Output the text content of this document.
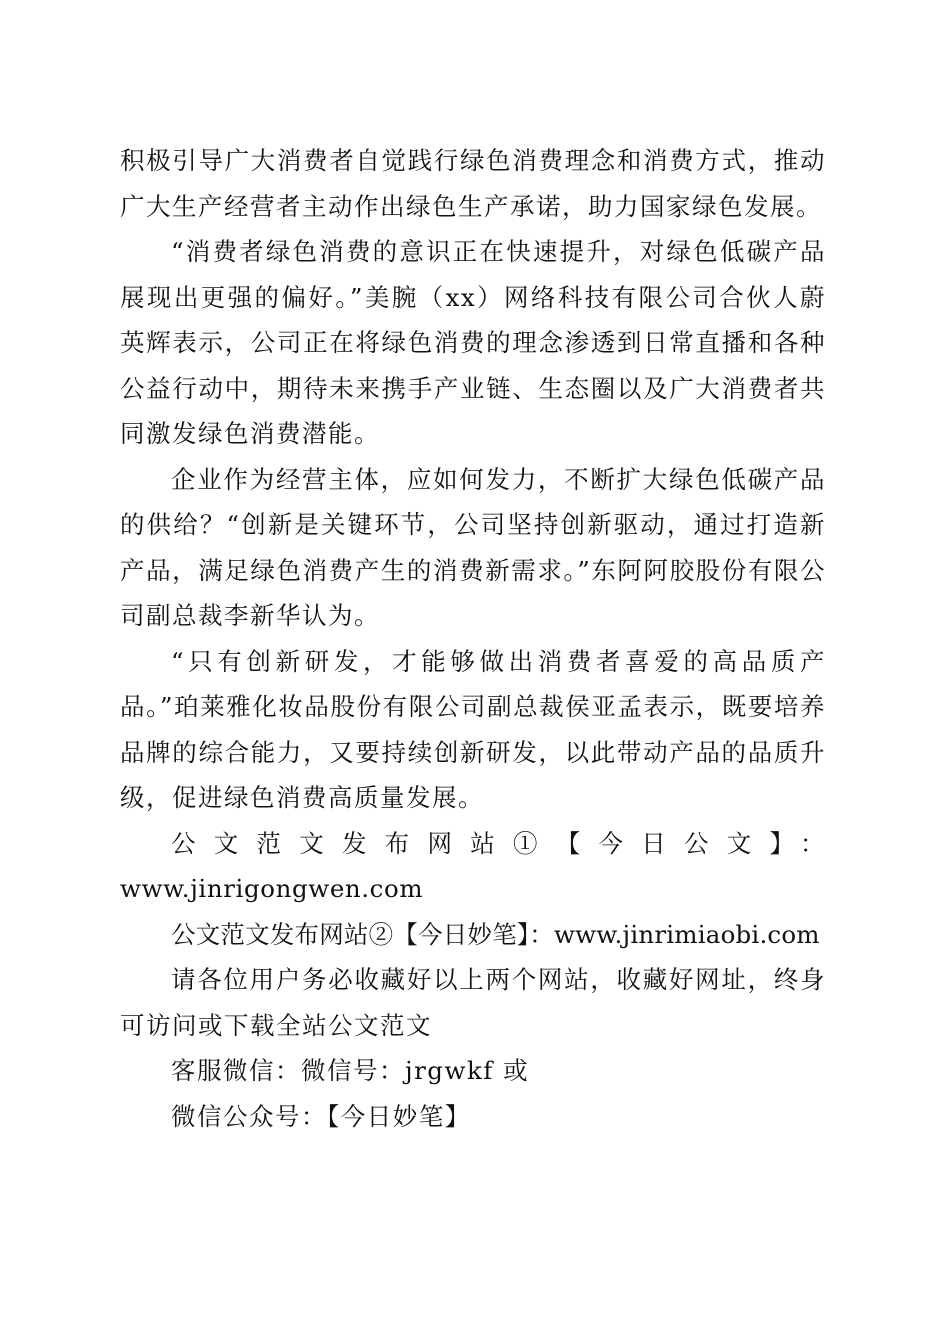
积极引导广大消费者自觉践行绿色消费理念和消费方式，推动广大生产经营者主动作出绿色生产承诺，助力国家绿色发展。

“消费者绿色消费的意识正在快速提升，对绿色低碳产品展现出更强的偏好。”美腕（xx）网络科技有限公司合伙人蔚英辉表示，公司正在将绿色消费的理念渗透到日常直播和各种公益行动中，期待未来携手产业链、生态圈以及广大消费者共同激发绿色消费潜能。

企业作为经营主体，应如何发力，不断扩大绿色低碳产品的供给？“创新是关键环节，公司坚持创新驱动，通过打造新产品，满足绿色消费产生的消费新需求。”东阿阿胶股份有限公司副总裁李新华认为。

“只有创新研发，才能够做出消费者喜爱的高品质产品。”珀莱雅化妆品股份有限公司副总裁侯亚孟表示，既要培养品牌的综合能力，又要持续创新研发，以此带动产品的品质升级，促进绿色消费高质量发展。

公文范文发布网站①【今日公文】：

www.jinrigongwen.com

公文范文发布网站②【今日妙笔】：www.jinrimiaobi.com

请各位用户务必收藏好以上两个网站，收藏好网址，终身可访问或下载全站公文范文

客服微信：微信号：jrgwkf 或

微信公众号：【今日妙笔】
